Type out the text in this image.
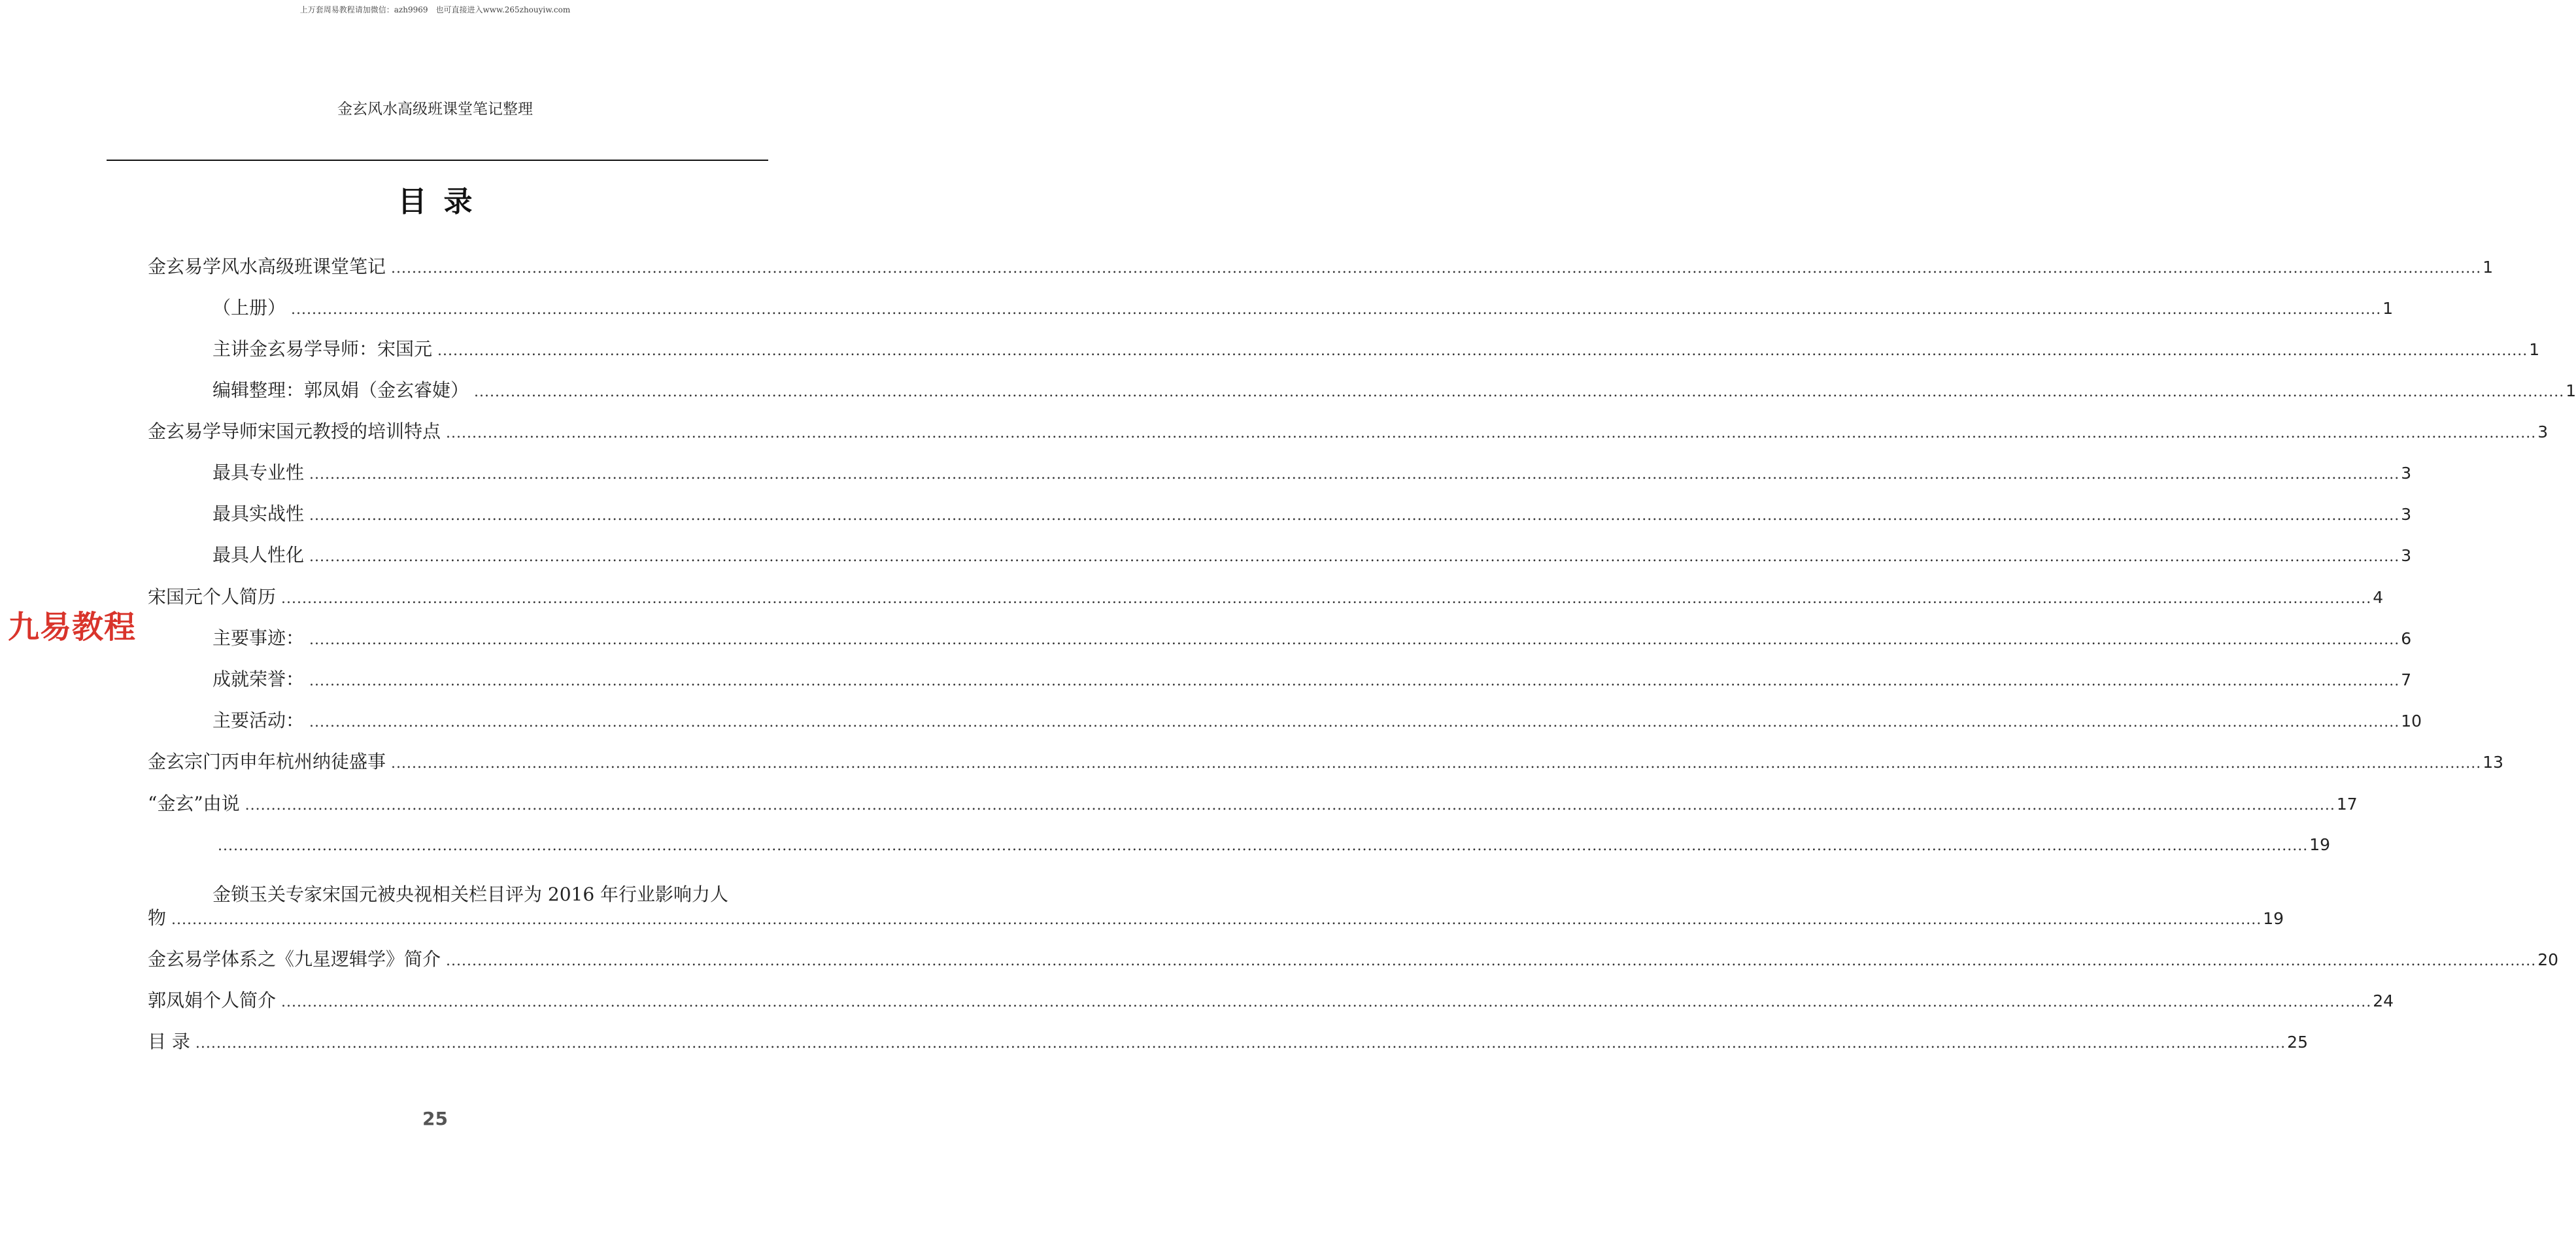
上万套周易教程请加微信：azh9969　也可直接进入www.265zhouyiw.com
金玄风水高级班课堂笔记整理
目录
金玄易学风水高级班课堂笔记 ................................................................................................................................................................................................................................................................................................................................................................................................................ 1
（上册） ................................................................................................................................................................................................................................................................................................................................................................................................................ 1
主讲金玄易学导师：宋国元 ................................................................................................................................................................................................................................................................................................................................................................................................................ 1
编辑整理：郭凤娟（金玄睿婕） ................................................................................................................................................................................................................................................................................................................................................................................................................ 1
金玄易学导师宋国元教授的培训特点 ................................................................................................................................................................................................................................................................................................................................................................................................................ 3
最具专业性 ................................................................................................................................................................................................................................................................................................................................................................................................................ 3
最具实战性 ................................................................................................................................................................................................................................................................................................................................................................................................................ 3
最具人性化 ................................................................................................................................................................................................................................................................................................................................................................................................................ 3
宋国元个人简历 ................................................................................................................................................................................................................................................................................................................................................................................................................ 4
主要事迹： ................................................................................................................................................................................................................................................................................................................................................................................................................ 6
成就荣誉： ................................................................................................................................................................................................................................................................................................................................................................................................................ 7
主要活动： ................................................................................................................................................................................................................................................................................................................................................................................................................ 10
金玄宗门丙申年杭州纳徒盛事 ................................................................................................................................................................................................................................................................................................................................................................................................................ 13
“金玄”由说 ................................................................................................................................................................................................................................................................................................................................................................................................................ 17
................................................................................................................................................................................................................................................................................................................................................................................................................ 19
金锁玉关专家宋国元被央视相关栏目评为 2016 年行业影响力人
物 ................................................................................................................................................................................................................................................................................................................................................................................................................ 19
金玄易学体系之《九星逻辑学》简介 ................................................................................................................................................................................................................................................................................................................................................................................................................ 20
郭凤娟个人简介 ................................................................................................................................................................................................................................................................................................................................................................................................................ 24
目 录 ................................................................................................................................................................................................................................................................................................................................................................................................................ 25
25
九易教程
